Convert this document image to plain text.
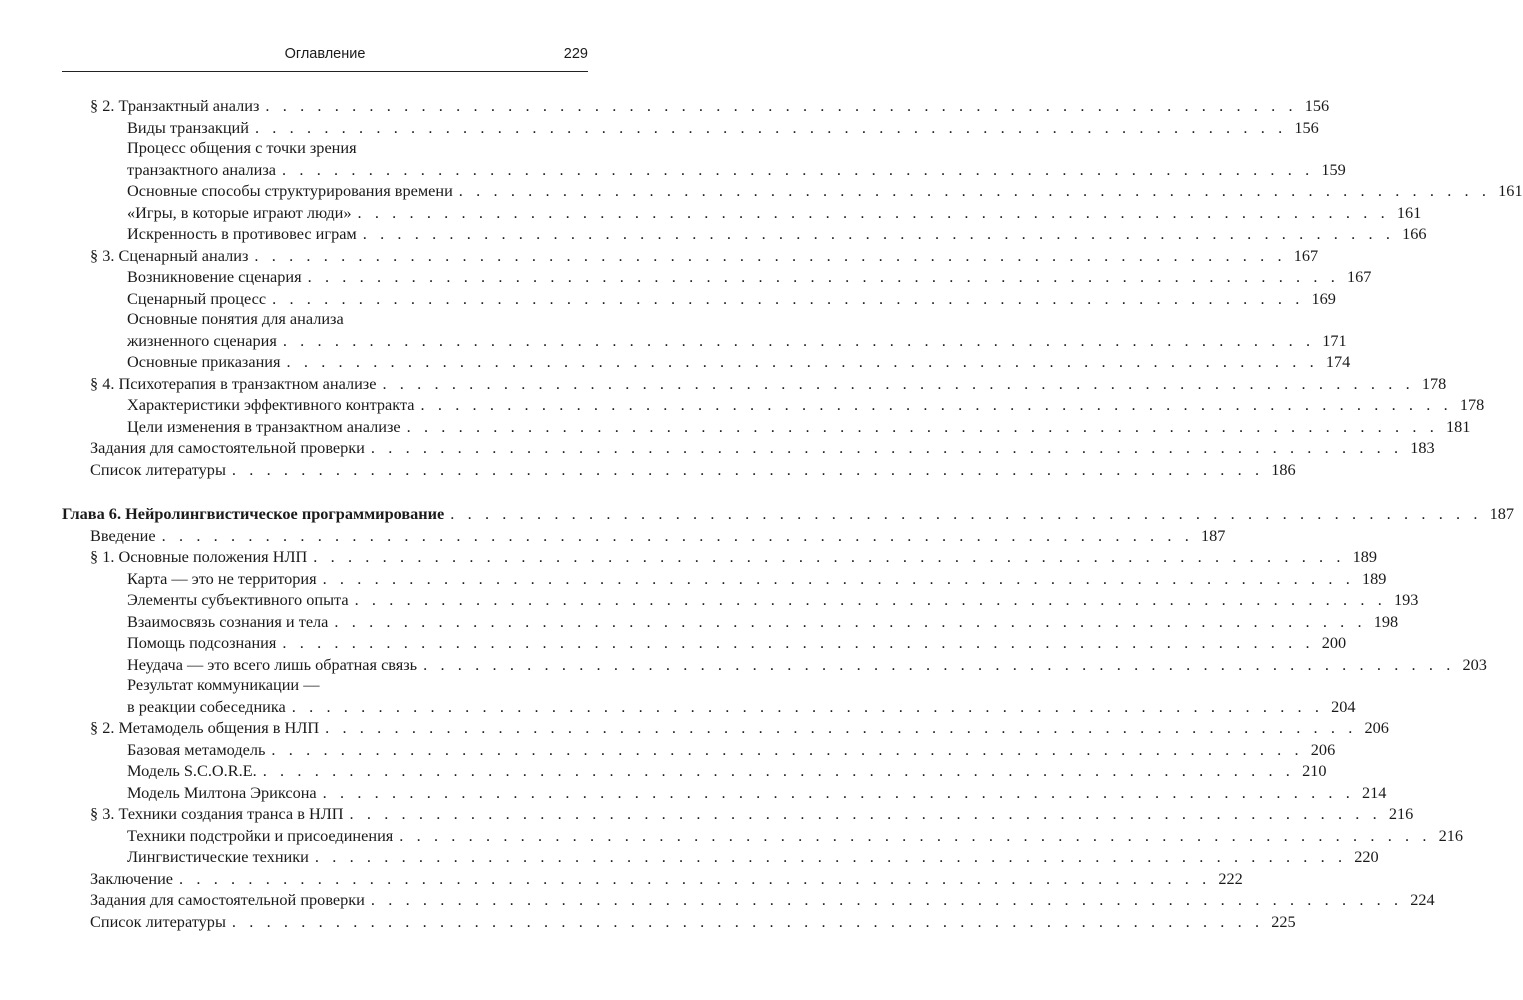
Оглавление	229
§ 2. Транзактный анализ . . . . . . . . . . . . . . . . . . . . . . . . . . . . . . . . . . . . . . . . . . . . . . . . . . . . . . . . . . . . 156
Виды транзакций . . . . . . . . . . . . . . . . . . . . . . . . . . . . . . . . . . . . . . . . . . . . . . . . . . . . . . . . . . . . 156
Процесс общения с точки зрения
транзактного анализа . . . . . . . . . . . . . . . . . . . . . . . . . . . . . . . . . . . . . . . . . . . . . . . . . . . . . . . . . . . . 159
Основные способы структурирования времени . . . . . . . . . . . . . . . . . . . . . . . . . . . . . . . . . . . . . . . . . . . . . . . . . . . . . . . . . . . . 161
«Игры, в которые играют люди» . . . . . . . . . . . . . . . . . . . . . . . . . . . . . . . . . . . . . . . . . . . . . . . . . . . . . . . . . . . . 161
Искренность в противовес играм . . . . . . . . . . . . . . . . . . . . . . . . . . . . . . . . . . . . . . . . . . . . . . . . . . . . . . . . . . . . 166
§ 3. Сценарный анализ . . . . . . . . . . . . . . . . . . . . . . . . . . . . . . . . . . . . . . . . . . . . . . . . . . . . . . . . . . . . 167
Возникновение сценария . . . . . . . . . . . . . . . . . . . . . . . . . . . . . . . . . . . . . . . . . . . . . . . . . . . . . . . . . . . . 167
Сценарный процесс . . . . . . . . . . . . . . . . . . . . . . . . . . . . . . . . . . . . . . . . . . . . . . . . . . . . . . . . . . . . 169
Основные понятия для анализа
жизненного сценария . . . . . . . . . . . . . . . . . . . . . . . . . . . . . . . . . . . . . . . . . . . . . . . . . . . . . . . . . . . . 171
Основные приказания . . . . . . . . . . . . . . . . . . . . . . . . . . . . . . . . . . . . . . . . . . . . . . . . . . . . . . . . . . . . 174
§ 4. Психотерапия в транзактном анализе . . . . . . . . . . . . . . . . . . . . . . . . . . . . . . . . . . . . . . . . . . . . . . . . . . . . . . . . . . . . 178
Характеристики эффективного контракта . . . . . . . . . . . . . . . . . . . . . . . . . . . . . . . . . . . . . . . . . . . . . . . . . . . . . . . . . . . . 178
Цели изменения в транзактном анализе . . . . . . . . . . . . . . . . . . . . . . . . . . . . . . . . . . . . . . . . . . . . . . . . . . . . . . . . . . . . 181
Задания для самостоятельной проверки . . . . . . . . . . . . . . . . . . . . . . . . . . . . . . . . . . . . . . . . . . . . . . . . . . . . . . . . . . . . 183
Список литературы . . . . . . . . . . . . . . . . . . . . . . . . . . . . . . . . . . . . . . . . . . . . . . . . . . . . . . . . . . . . 186
Глава 6. Нейролингвистическое программирование . . . . . . . . . . . . . . . . . . . . . . . . . . . . . . . . . . . . . . . . . . . . . . . . . . . . . . . . . . . . 187
Введение . . . . . . . . . . . . . . . . . . . . . . . . . . . . . . . . . . . . . . . . . . . . . . . . . . . . . . . . . . . . 187
§ 1. Основные положения НЛП . . . . . . . . . . . . . . . . . . . . . . . . . . . . . . . . . . . . . . . . . . . . . . . . . . . . . . . . . . . . 189
Карта — это не территория . . . . . . . . . . . . . . . . . . . . . . . . . . . . . . . . . . . . . . . . . . . . . . . . . . . . . . . . . . . . 189
Элементы субъективного опыта . . . . . . . . . . . . . . . . . . . . . . . . . . . . . . . . . . . . . . . . . . . . . . . . . . . . . . . . . . . . 193
Взаимосвязь сознания и тела . . . . . . . . . . . . . . . . . . . . . . . . . . . . . . . . . . . . . . . . . . . . . . . . . . . . . . . . . . . . 198
Помощь подсознания . . . . . . . . . . . . . . . . . . . . . . . . . . . . . . . . . . . . . . . . . . . . . . . . . . . . . . . . . . . . 200
Неудача — это всего лишь обратная связь . . . . . . . . . . . . . . . . . . . . . . . . . . . . . . . . . . . . . . . . . . . . . . . . . . . . . . . . . . . . 203
Результат коммуникации —
в реакции собеседника . . . . . . . . . . . . . . . . . . . . . . . . . . . . . . . . . . . . . . . . . . . . . . . . . . . . . . . . . . . . 204
§ 2. Метамодель общения в НЛП . . . . . . . . . . . . . . . . . . . . . . . . . . . . . . . . . . . . . . . . . . . . . . . . . . . . . . . . . . . . 206
Базовая метамодель . . . . . . . . . . . . . . . . . . . . . . . . . . . . . . . . . . . . . . . . . . . . . . . . . . . . . . . . . . . . 206
Модель S.C.O.R.E. . . . . . . . . . . . . . . . . . . . . . . . . . . . . . . . . . . . . . . . . . . . . . . . . . . . . . . . . . . . . 210
Модель Милтона Эриксона . . . . . . . . . . . . . . . . . . . . . . . . . . . . . . . . . . . . . . . . . . . . . . . . . . . . . . . . . . . . 214
§ 3. Техники создания транса в НЛП . . . . . . . . . . . . . . . . . . . . . . . . . . . . . . . . . . . . . . . . . . . . . . . . . . . . . . . . . . . . 216
Техники подстройки и присоединения . . . . . . . . . . . . . . . . . . . . . . . . . . . . . . . . . . . . . . . . . . . . . . . . . . . . . . . . . . . . 216
Лингвистические техники . . . . . . . . . . . . . . . . . . . . . . . . . . . . . . . . . . . . . . . . . . . . . . . . . . . . . . . . . . . . 220
Заключение . . . . . . . . . . . . . . . . . . . . . . . . . . . . . . . . . . . . . . . . . . . . . . . . . . . . . . . . . . . . 222
Задания для самостоятельной проверки . . . . . . . . . . . . . . . . . . . . . . . . . . . . . . . . . . . . . . . . . . . . . . . . . . . . . . . . . . . . 224
Список литературы . . . . . . . . . . . . . . . . . . . . . . . . . . . . . . . . . . . . . . . . . . . . . . . . . . . . . . . . . . . . 225
